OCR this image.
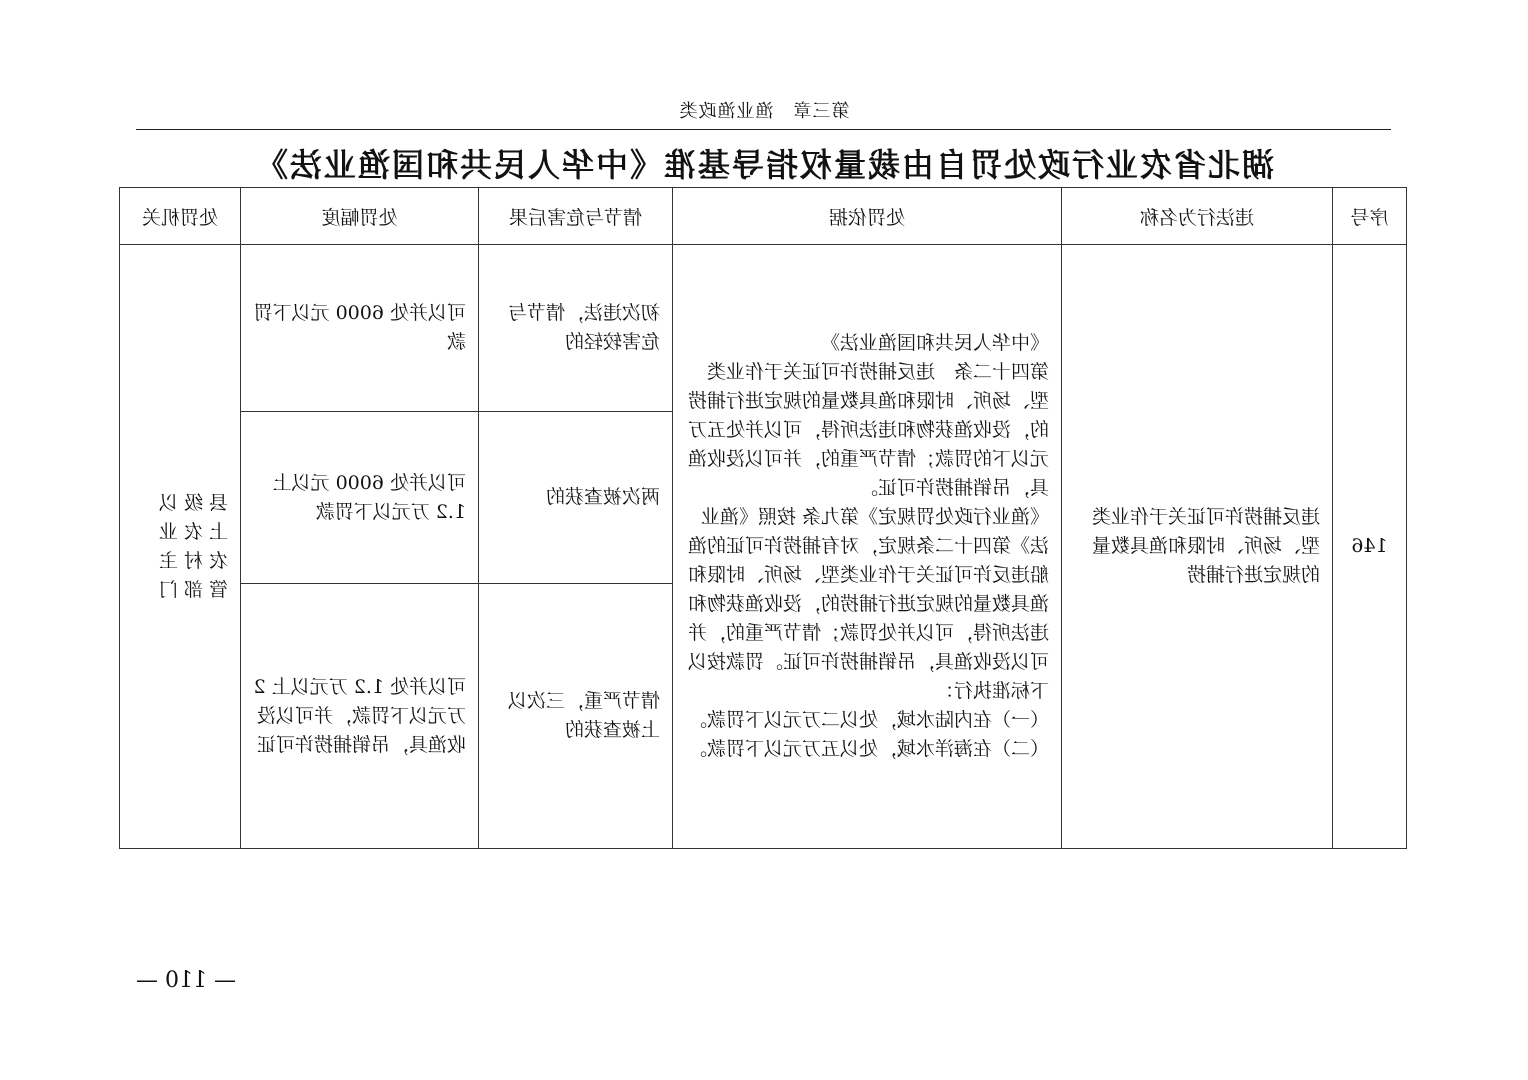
第三章　渔业渔政类
湖北省农业行政处罚自由裁量权指导基准《中华人民共和国渔业法》
序号	违法行为名称	处罚依据	情节与危害后果	处罚幅度	处罚机关
146	违反捕捞许可证关于作业类型、场所、时限和渔具数量的规定进行捕捞	《中华人民共和国渔业法》
第四十二条　违反捕捞许可证关于作业类型、场所、时限和渔具数量的规定进行捕捞的，没收渔获物和违法所得，可以并处五万元以下的罚款；情节严重的，并可以没收渔具，吊销捕捞许可证。
《渔业行政处罚规定》第九条 按照《渔业法》第四十二条规定，对有捕捞许可证的渔船违反许可证关于作业类型、场所、时限和渔具数量的规定进行捕捞的，没收渔获物和违法所得，可以并处罚款；情节严重的，并可以没收渔具，吊销捕捞许可证。罚款按以下标准执行：
（一）在内陆水域，处以二万元以下罚款。
（二）在海洋水域，处以五万元以下罚款。	初次违法，情节与危害较轻的	可以并处 6000 元以下罚款	县级以上农业农村主管部门
			两次被查获的	可以并处 6000 元以上 1.2 万元以下罚款	
			情节严重，三次以上被查获的	可以并处 1.2 万元以上 2 万元以下罚款，并可以没收渔具，吊销捕捞许可证	
— 110 —
